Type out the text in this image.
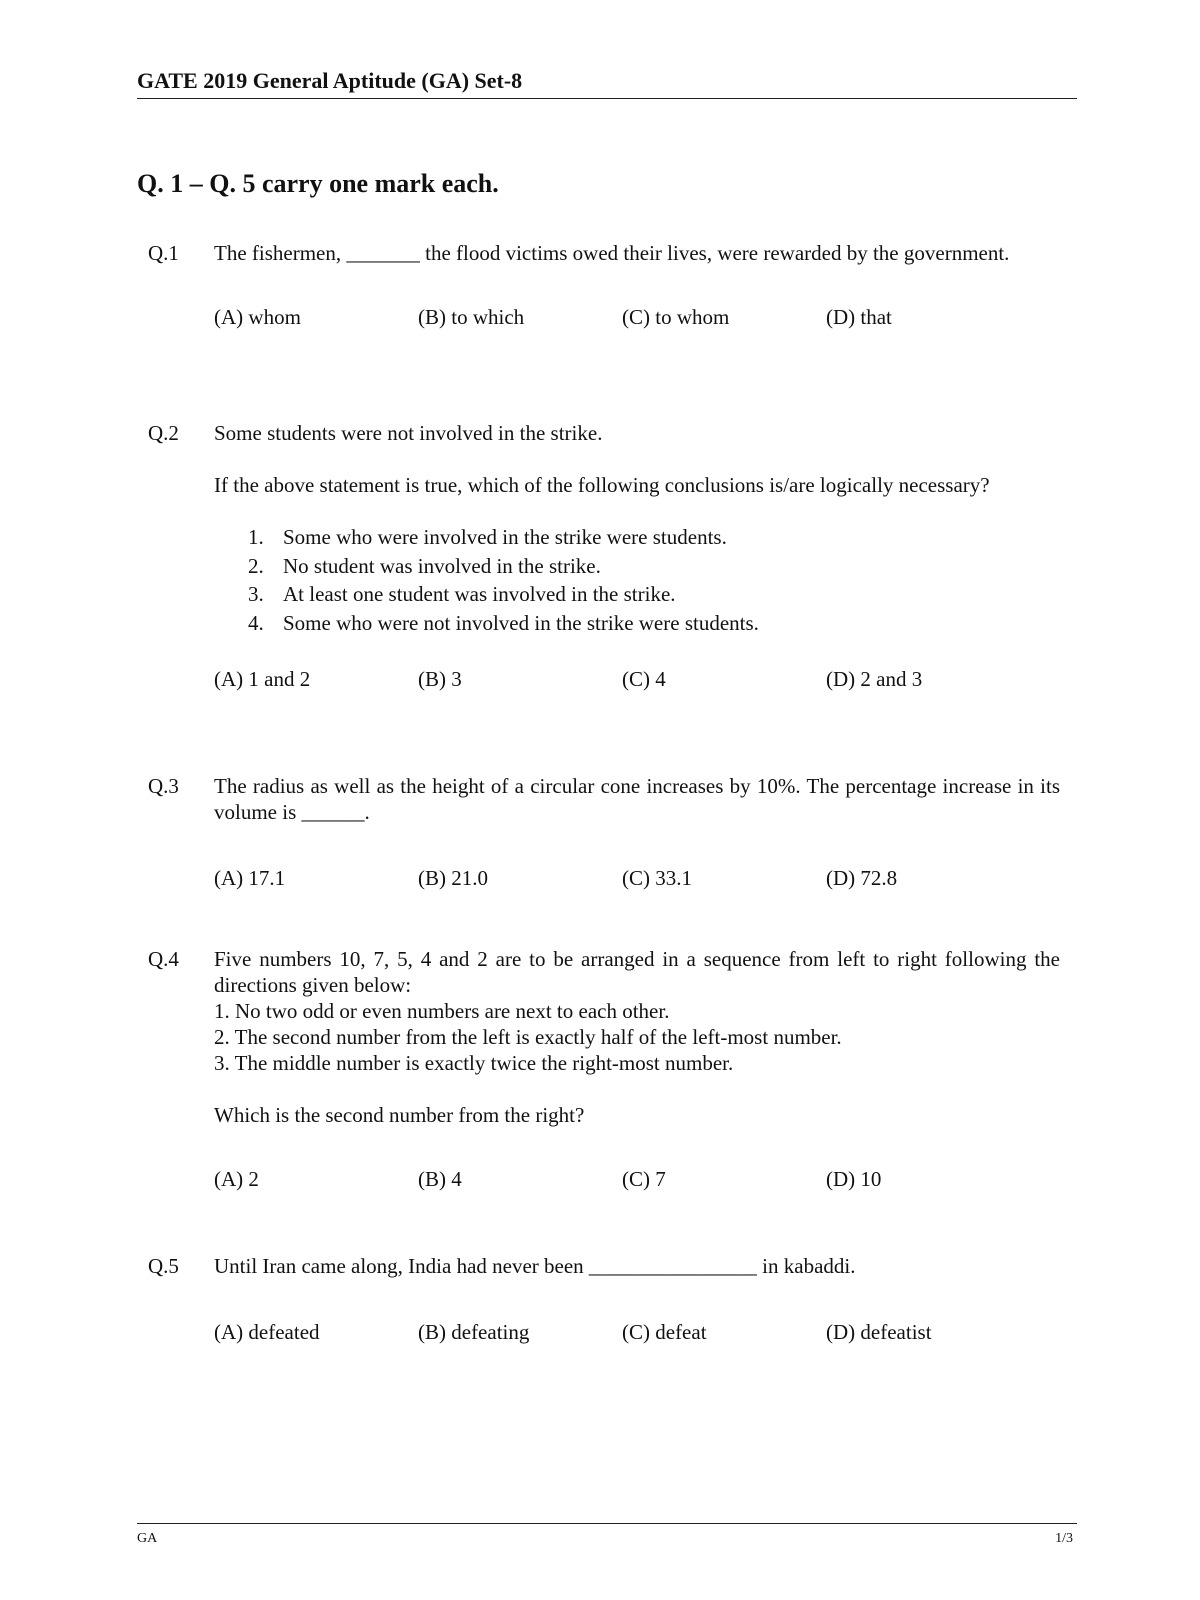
GATE 2019 General Aptitude (GA) Set-8
Q. 1 – Q. 5 carry one mark each.
Q.1	The fishermen, _______ the flood victims owed their lives, were rewarded by the government.

(A) whom	(B) to which	(C) to whom	(D) that
Q.2	Some students were not involved in the strike.

If the above statement is true, which of the following conclusions is/are logically necessary?

1. Some who were involved in the strike were students.
2. No student was involved in the strike.
3. At least one student was involved in the strike.
4. Some who were not involved in the strike were students.
(A) 1 and 2	(B) 3	(C) 4	(D) 2 and 3
Q.3	The radius as well as the height of a circular cone increases by 10%. The percentage increase in its volume is ______.

(A) 17.1	(B) 21.0	(C) 33.1	(D) 72.8
Q.4	Five numbers 10, 7, 5, 4 and 2 are to be arranged in a sequence from left to right following the directions given below:

1. No two odd or even numbers are next to each other.
2. The second number from the left is exactly half of the left-most number.
3. The middle number is exactly twice the right-most number.

Which is the second number from the right?

(A) 2	(B) 4	(C) 7	(D) 10
Q.5	Until Iran came along, India had never been ________________ in kabaddi.

(A) defeated	(B) defeating	(C) defeat	(D) defeatist
GA	1/3
